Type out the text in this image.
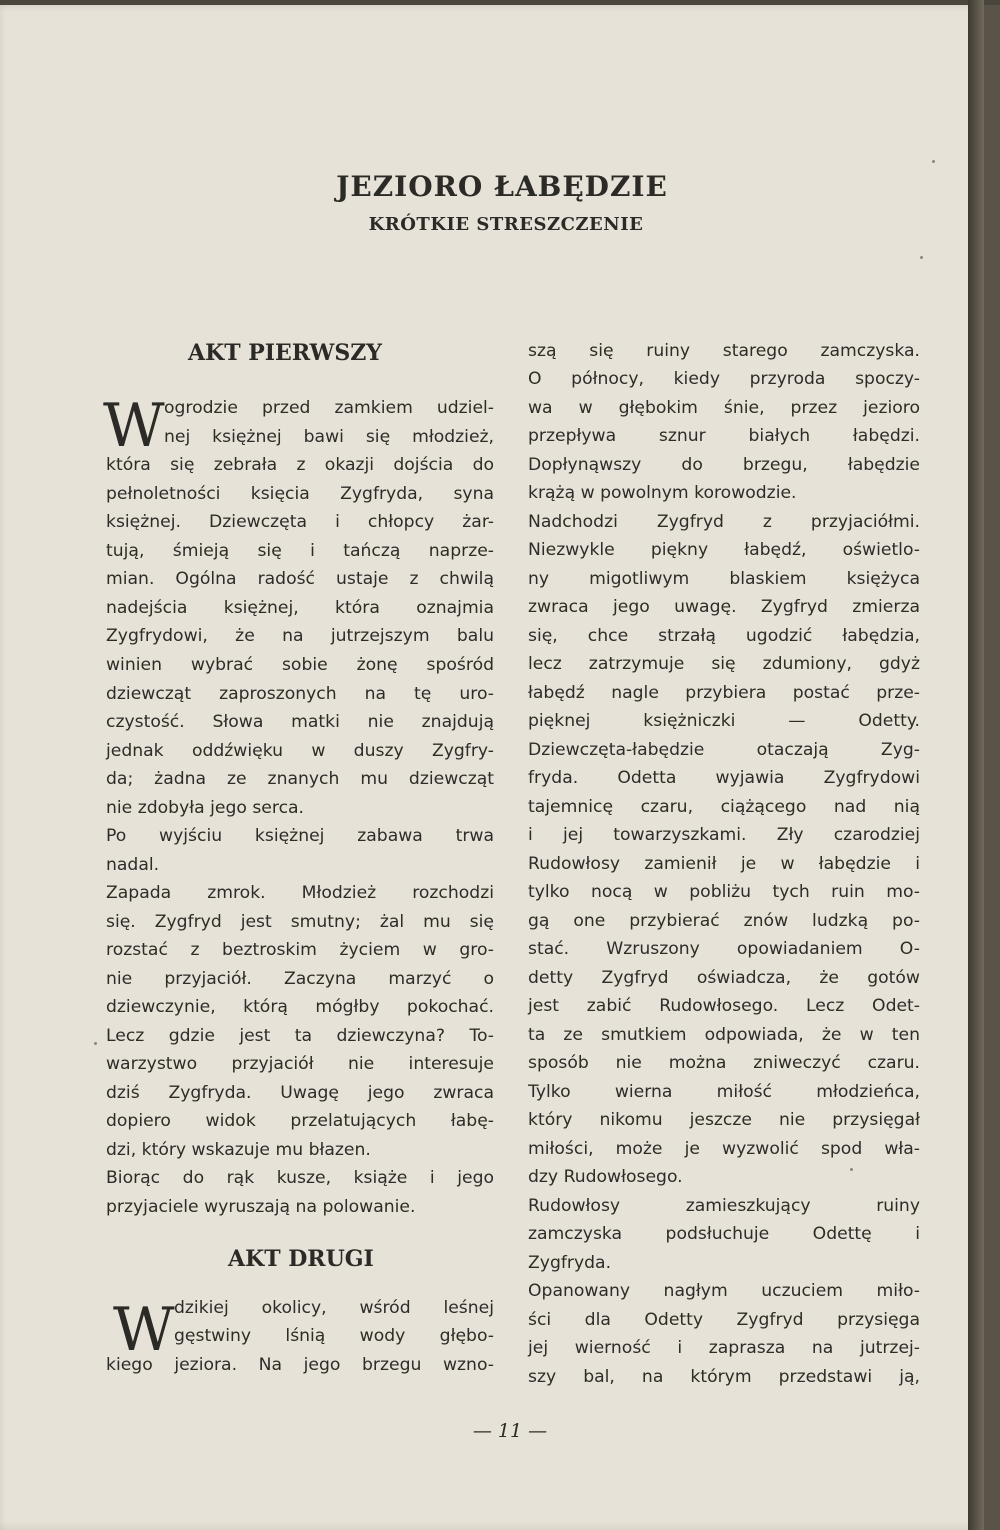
JEZIORO ŁABĘDZIE
KRÓTKIE STRESZCZENIE
AKT PIERWSZY
W ogrodzie przed zamkiem udziel-
nej księżnej bawi się młodzież,
która się zebrała z okazji dojścia do
pełnoletności księcia Zygfryda, syna
księżnej. Dziewczęta i chłopcy żar-
tują, śmieją się i tańczą naprze-
mian. Ogólna radość ustaje z chwilą
nadejścia księżnej, która oznajmia
Zygfrydowi, że na jutrzejszym balu
winien wybrać sobie żonę spośród
dziewcząt zaproszonych na tę uro-
czystość. Słowa matki nie znajdują
jednak oddźwięku w duszy Zygfry-
da; żadna ze znanych mu dziewcząt
nie zdobyła jego serca.
Po wyjściu księżnej zabawa trwa
nadal.
Zapada zmrok. Młodzież rozchodzi
się. Zygfryd jest smutny; żal mu się
rozstać z beztroskim życiem w gro-
nie przyjaciół. Zaczyna marzyć o
dziewczynie, którą mógłby pokochać.
Lecz gdzie jest ta dziewczyna? To-
warzystwo przyjaciół nie interesuje
dziś Zygfryda. Uwagę jego zwraca
dopiero widok przelatujących łabę-
dzi, który wskazuje mu błazen.
Biorąc do rąk kusze, książe i jego
przyjaciele wyruszają na polowanie.
AKT DRUGI
W dzikiej okolicy, wśród leśnej
gęstwiny lśnią wody głębo-
kiego jeziora. Na jego brzegu wzno-
szą się ruiny starego zamczyska.
O północy, kiedy przyroda spoczy-
wa w głębokim śnie, przez jezioro
przepływa sznur białych łabędzi.
Dopłynąwszy do brzegu, łabędzie
krążą w powolnym korowodzie.
Nadchodzi Zygfryd z przyjaciółmi.
Niezwykle piękny łabędź, oświetlo-
ny migotliwym blaskiem księżyca
zwraca jego uwagę. Zygfryd zmierza
się, chce strzałą ugodzić łabędzia,
lecz zatrzymuje się zdumiony, gdyż
łabędź nagle przybiera postać prze-
pięknej księżniczki — Odetty.
Dziewczęta-łabędzie otaczają Zyg-
fryda. Odetta wyjawia Zygfrydowi
tajemnicę czaru, ciążącego nad nią
i jej towarzyszkami. Zły czarodziej
Rudowłosy zamienił je w łabędzie i
tylko nocą w pobliżu tych ruin mo-
gą one przybierać znów ludzką po-
stać. Wzruszony opowiadaniem O-
detty Zygfryd oświadcza, że gotów
jest zabić Rudowłosego. Lecz Odet-
ta ze smutkiem odpowiada, że w ten
sposób nie można zniweczyć czaru.
Tylko wierna miłość młodzieńca,
który nikomu jeszcze nie przysięgał
miłości, może je wyzwolić spod wła-
dzy Rudowłosego.
Rudowłosy zamieszkujący ruiny
zamczyska podsłuchuje Odettę i
Zygfryda.
Opanowany nagłym uczuciem miło-
ści dla Odetty Zygfryd przysięga
jej wierność i zaprasza na jutrzej-
szy bal, na którym przedstawi ją,
— 11 —
